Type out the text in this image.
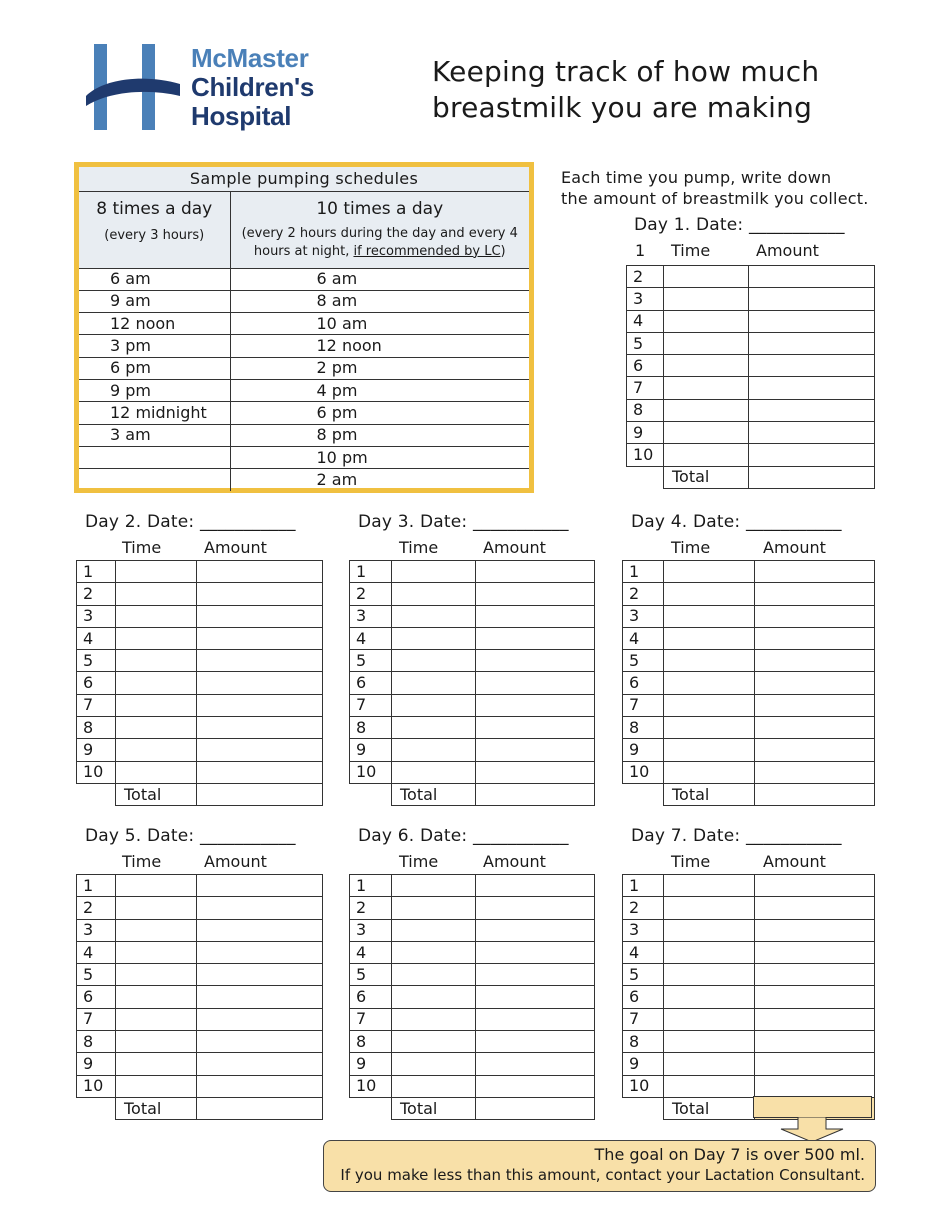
McMaster
Children's
Hospital
Keeping track of how much
breastmilk you are making
Sample pumping schedules	

8 times a day
(every 3 hours)	10 times a day
(every 2 hours during the day and every 4 hours at night, if recommended by LC)

6 am	6 am
9 am	8 am
12 noon	10 am
3 pm	12 noon
6 pm	2 pm
9 pm	4 pm
12 midnight	6 pm
3 am	8 pm
	10 pm
	2 am
Each time you pump, write down
the amount of breastmilk you collect.
Day 1. Date: ___________
1 Time	Amount
2		
3		
4		
5		
6		
7		
8		
9		
10		
	Total	
Day 2. Date: ___________
Time	Amount
1		
2		
3		
4		
5		
6		
7		
8		
9		
10		
	Total	
Day 3. Date: ___________
Time	Amount
1		
2		
3		
4		
5		
6		
7		
8		
9		
10		
	Total	
Day 4. Date: ___________
Time	Amount
1		
2		
3		
4		
5		
6		
7		
8		
9		
10		
	Total	
Day 5. Date: ___________
Time	Amount
1		
2		
3		
4		
5		
6		
7		
8		
9		
10		
	Total	
Day 6. Date: ___________
Time	Amount
1		
2		
3		
4		
5		
6		
7		
8		
9		
10		
	Total	
Day 7. Date: ___________
Time	Amount
1		
2		
3		
4		
5		
6		
7		
8		
9		
10		
	Total	
The goal on Day 7 is over 500 ml.
If you make less than this amount, contact your Lactation Consultant.
